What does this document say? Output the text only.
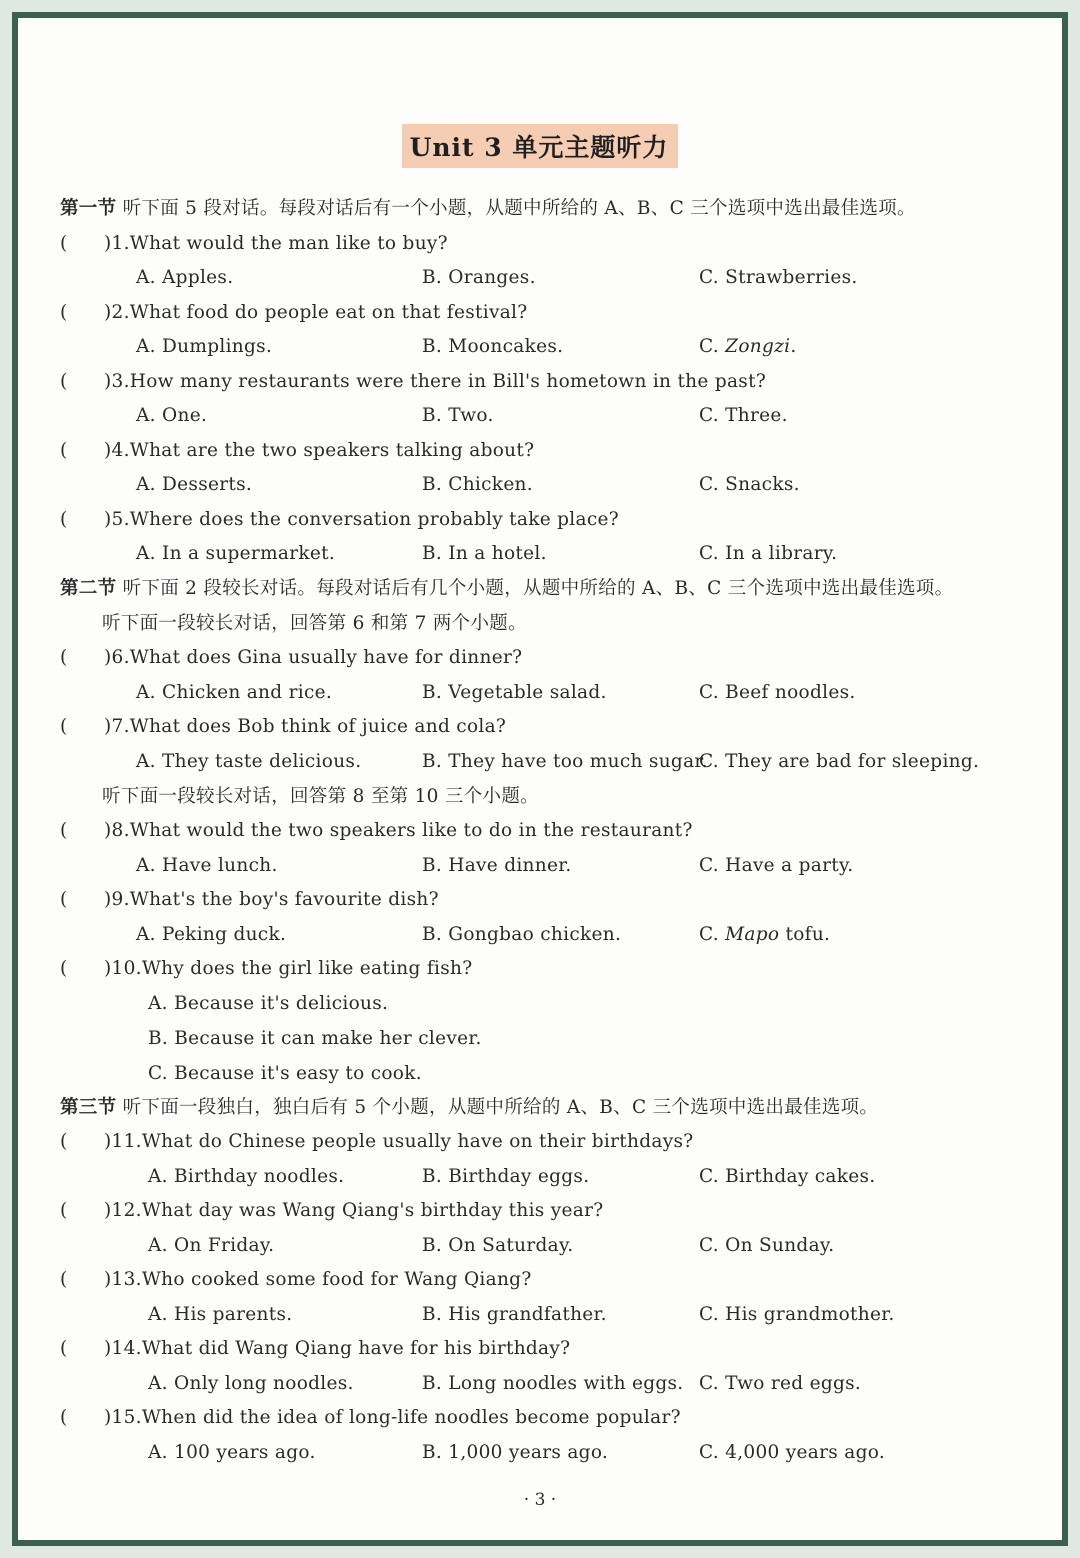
Unit 3 单元主题听力
第一节 听下面 5 段对话。每段对话后有一个小题，从题中所给的 A、B、C 三个选项中选出最佳选项。
( )1.What would the man like to buy?
A. Apples.	B. Oranges.	C. Strawberries.
( )2.What food do people eat on that festival?
A. Dumplings.	B. Mooncakes.	C. Zongzi.
( )3.How many restaurants were there in Bill's hometown in the past?
A. One.	B. Two.	C. Three.
( )4.What are the two speakers talking about?
A. Desserts.	B. Chicken.	C. Snacks.
( )5.Where does the conversation probably take place?
A. In a supermarket.	B. In a hotel.	C. In a library.
第二节 听下面 2 段较长对话。每段对话后有几个小题，从题中所给的 A、B、C 三个选项中选出最佳选项。
听下面一段较长对话，回答第 6 和第 7 两个小题。
( )6.What does Gina usually have for dinner?
A. Chicken and rice.	B. Vegetable salad.	C. Beef noodles.
( )7.What does Bob think of juice and cola?
A. They taste delicious.	B. They have too much sugar.
C. They are bad for sleeping.
听下面一段较长对话，回答第 8 至第 10 三个小题。
( )8.What would the two speakers like to do in the restaurant?
A. Have lunch.	B. Have dinner.	C. Have a party.
( )9.What's the boy's favourite dish?
A. Peking duck.	B. Gongbao chicken.	C. Mapo tofu.
( )10.Why does the girl like eating fish?
A. Because it's delicious.
B. Because it can make her clever.
C. Because it's easy to cook.
第三节 听下面一段独白，独白后有 5 个小题，从题中所给的 A、B、C 三个选项中选出最佳选项。
( )11.What do Chinese people usually have on their birthdays?
A. Birthday noodles.	B. Birthday eggs.	C. Birthday cakes.
( )12.What day was Wang Qiang's birthday this year?
A. On Friday.	B. On Saturday.	C. On Sunday.
( )13.Who cooked some food for Wang Qiang?
A. His parents.	B. His grandfather.	C. His grandmother.
( )14.What did Wang Qiang have for his birthday?
A. Only long noodles.	B. Long noodles with eggs. C. Two red eggs.
( )15.When did the idea of long-life noodles become popular?
A. 100 years ago.	B. 1,000 years ago.	C. 4,000 years ago.
· 3 ·
